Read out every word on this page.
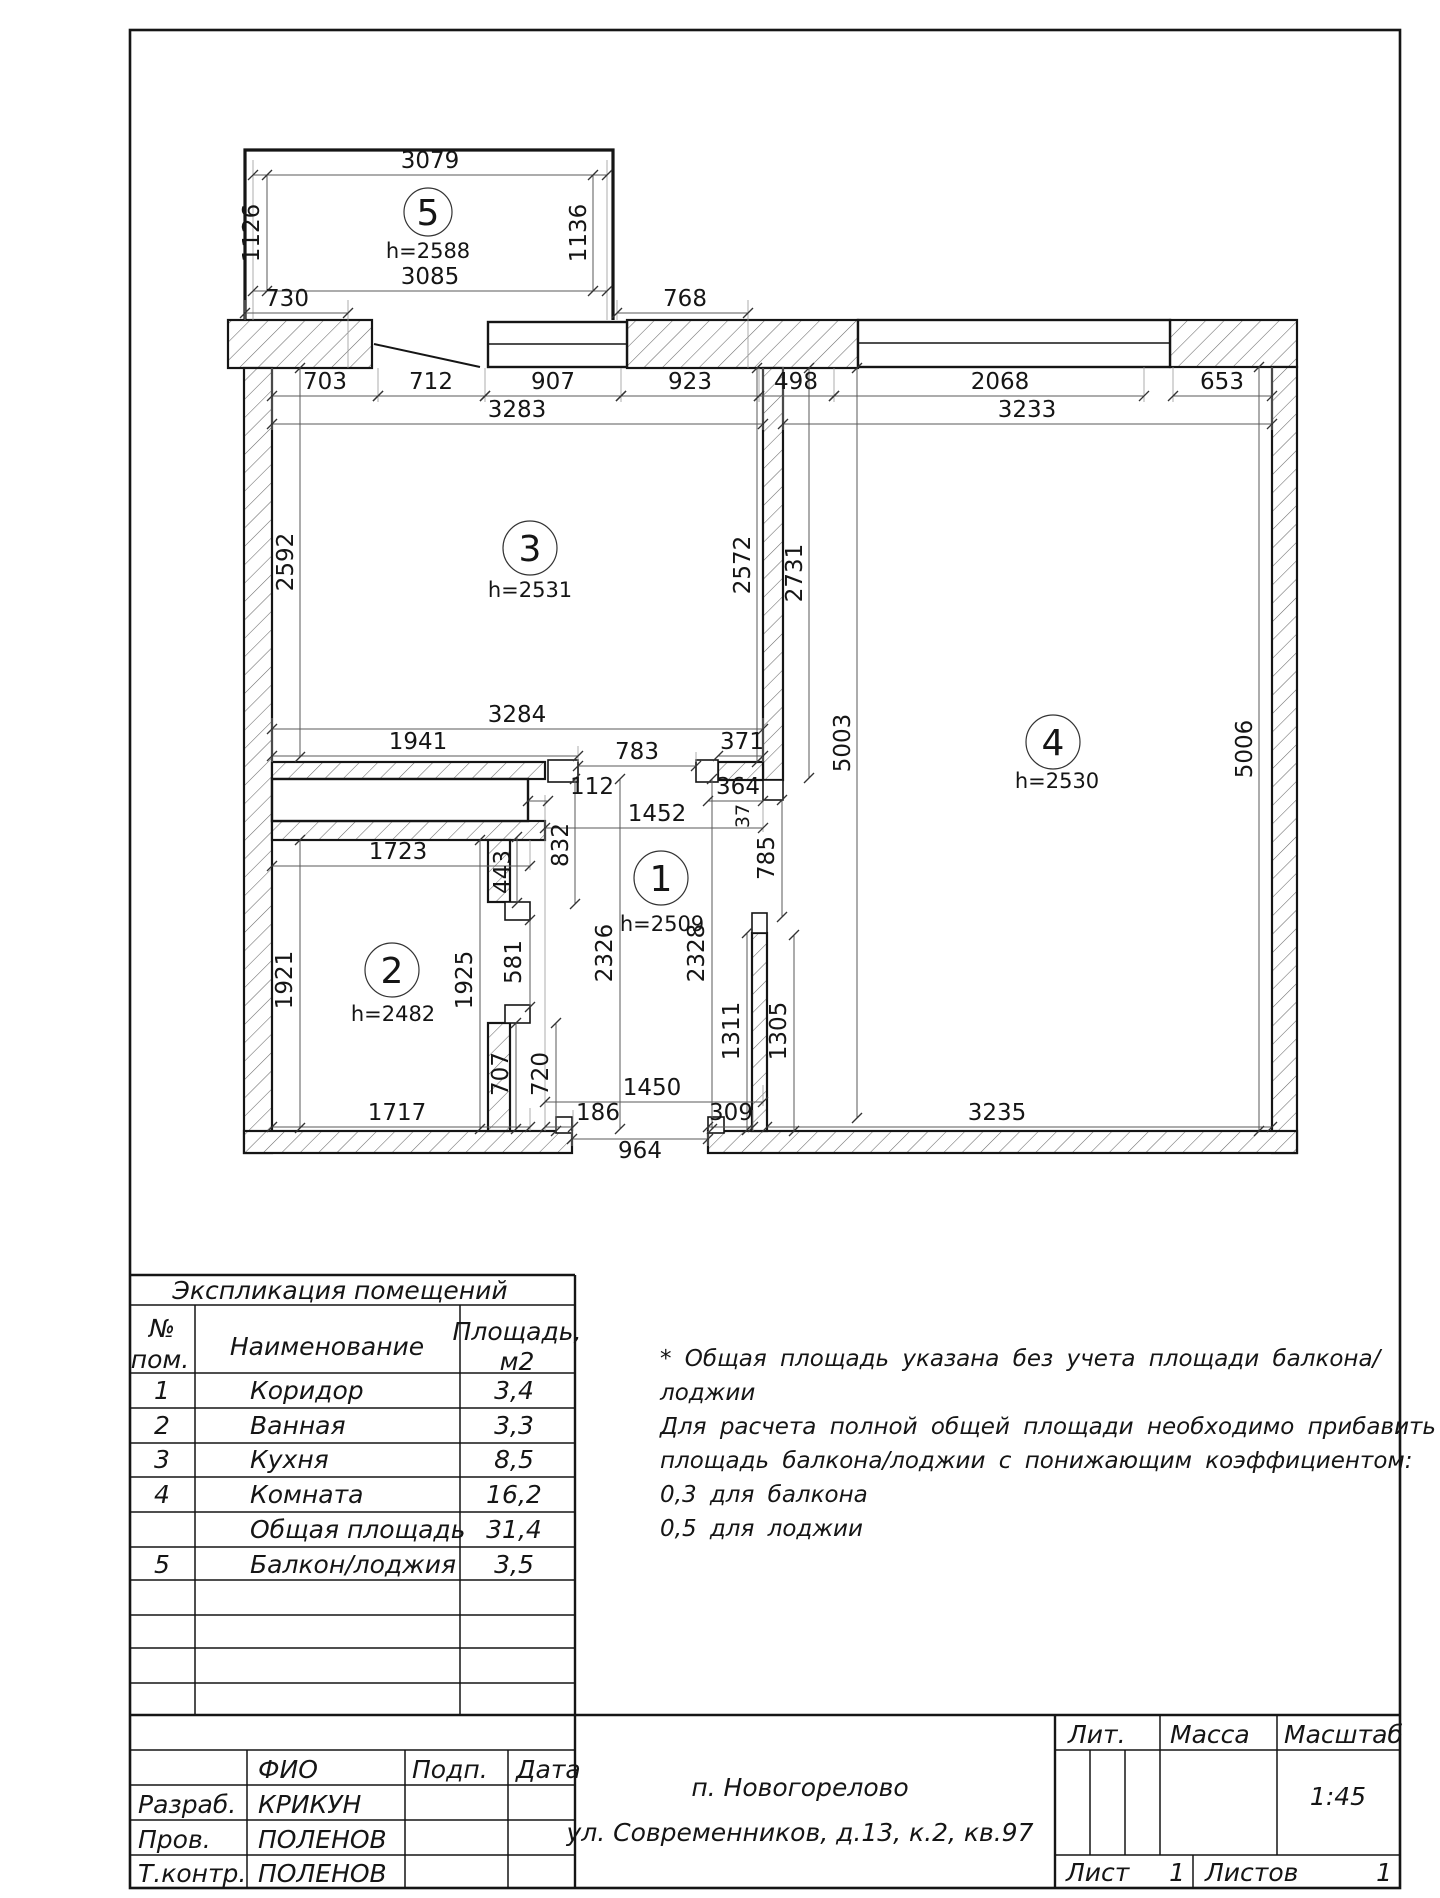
3079
1126	1136
3085
730	768
703	712	907	923	498	2068	653
3283	3233
2592	2572 2731
5003	5006
3284
1941	783	371
112	364
37
1452
832
443
581
785
1723
1921	1925	2326	2328
707 720
1311 1305
1717	186
1450
309	3235
964
5
h=2588
3
h=2531
1
h=2509
2
h=2482
4
h=2530
Экспликация помещений
№
пом. Наименование
Площадь,
м2
1	Коридор	3,4
2	Ванная	3,3
3	Кухня	8,5
4	Комната	16,2
Общая площадь 31,4
5	Балкон/лоджия 3,5
* Общая площадь указана без учета площади балкона/
лоджии
Для расчета полной общей площади необходимо прибавить
площадь балкона/лоджии с понижающим коэффициентом:
0,3 для балкона
0,5 для лоджии
ФИО	Подп. Дата
Разраб. КРИКУН
Пров. ПОЛЕНОВ
Т.контр. ПОЛЕНОВ
п. Новогорелово
ул. Современников, д.13, к.2, кв.97
Лит. Масса Масштаб
1:45
Лист 1 Листов	1
